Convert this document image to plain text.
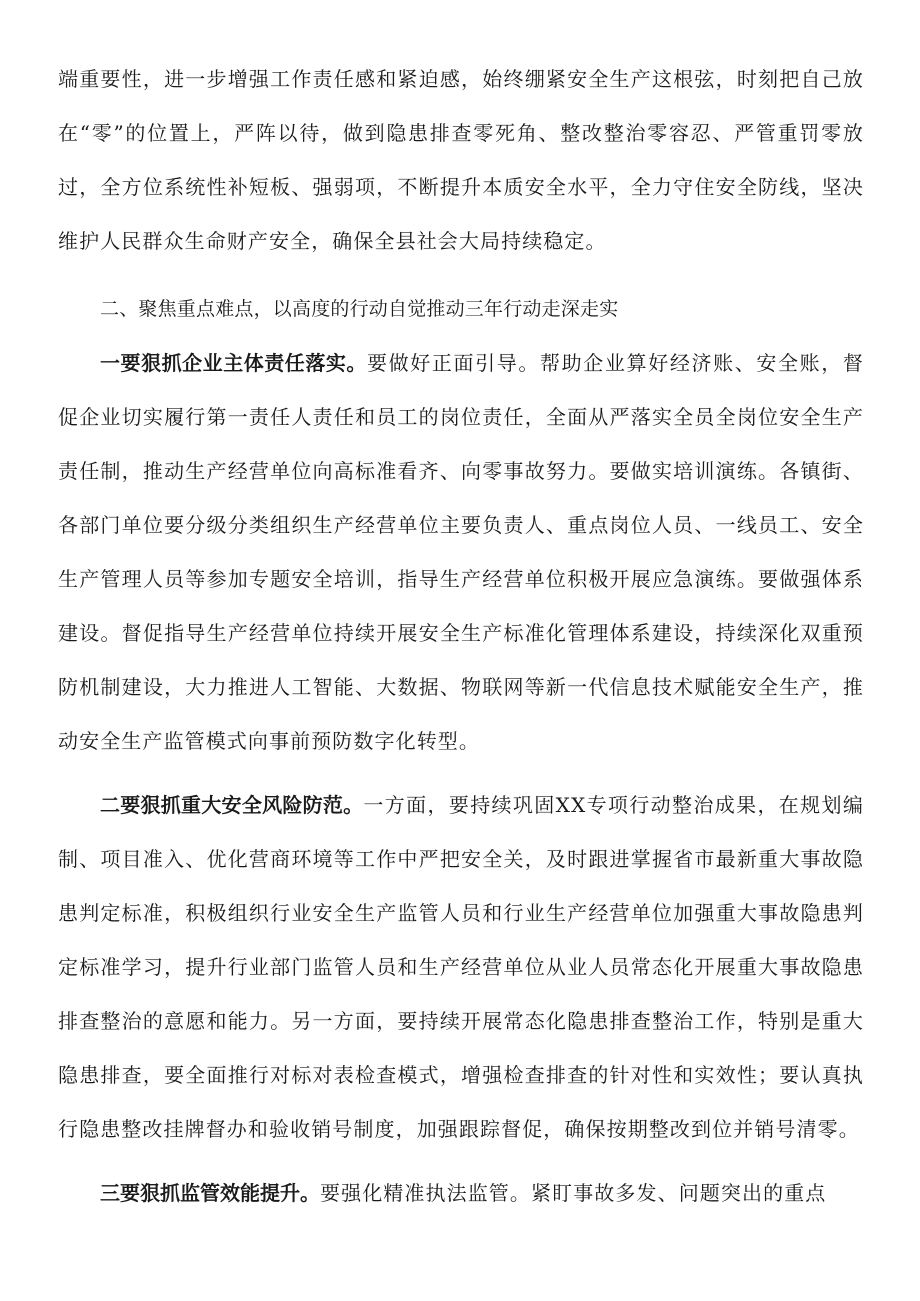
端重要性，进一步增强工作责任感和紧迫感，始终绷紧安全生产这根弦，时刻把自己放在“零”的位置上，严阵以待，做到隐患排查零死角、整改整治零容忍、严管重罚零放过，全方位系统性补短板、强弱项，不断提升本质安全水平，全力守住安全防线，坚决维护人民群众生命财产安全，确保全县社会大局持续稳定。

二、聚焦重点难点，以高度的行动自觉推动三年行动走深走实

一要狠抓企业主体责任落实。要做好正面引导。帮助企业算好经济账、安全账，督促企业切实履行第一责任人责任和员工的岗位责任，全面从严落实全员全岗位安全生产责任制，推动生产经营单位向高标准看齐、向零事故努力。要做实培训演练。各镇街、各部门单位要分级分类组织生产经营单位主要负责人、重点岗位人员、一线员工、安全生产管理人员等参加专题安全培训，指导生产经营单位积极开展应急演练。要做强体系建设。督促指导生产经营单位持续开展安全生产标准化管理体系建设，持续深化双重预防机制建设，大力推进人工智能、大数据、物联网等新一代信息技术赋能安全生产，推动安全生产监管模式向事前预防数字化转型。

二要狠抓重大安全风险防范。一方面，要持续巩固XX专项行动整治成果，在规划编制、项目准入、优化营商环境等工作中严把安全关，及时跟进掌握省市最新重大事故隐患判定标准，积极组织行业安全生产监管人员和行业生产经营单位加强重大事故隐患判定标准学习，提升行业部门监管人员和生产经营单位从业人员常态化开展重大事故隐患排查整治的意愿和能力。另一方面，要持续开展常态化隐患排查整治工作，特别是重大隐患排查，要全面推行对标对表检查模式，增强检查排查的针对性和实效性；要认真执行隐患整改挂牌督办和验收销号制度，加强跟踪督促，确保按期整改到位并销号清零。

三要狠抓监管效能提升。要强化精准执法监管。紧盯事故多发、问题突出的重点
